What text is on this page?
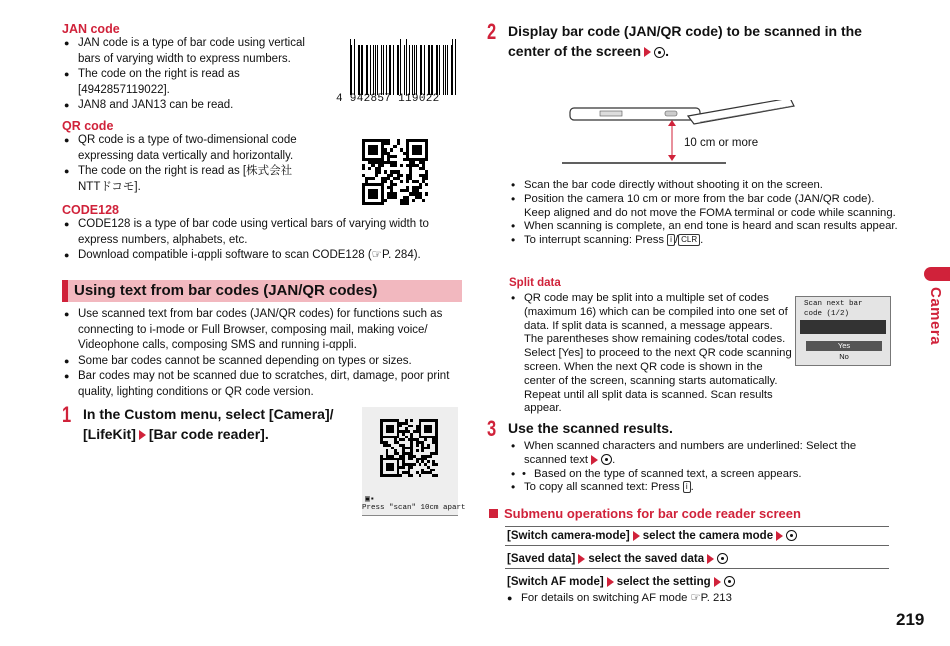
JAN code
● JAN code is a type of bar code using vertical bars of varying width to express numbers.
● The code on the right is read as [4942857119022].
● JAN8 and JAN13 can be read.	4 942857 119022
QR code
● QR code is a type of two-dimensional code expressing data vertically and horizontally.
● The code on the right is read as [株式会社 NTTドコモ].
CODE128
● CODE128 is a type of bar code using vertical bars of varying width to express numbers, alphabets, etc.
● Download compatible i-αppli software to scan CODE128 (☞P. 284).
Using text from bar codes (JAN/QR codes)
● Use scanned text from bar codes (JAN/QR codes) for functions such as connecting to i-mode or Full Browser, composing mail, making voice/ Videophone calls, composing SMS and running i-αppli.
● Some bar codes cannot be scanned depending on types or sizes.
● Bar codes may not be scanned due to scratches, dirt, damage, poor print quality, lighting conditions or QR code version.
1 In the Custom menu, select [Camera]/
[LifeKit] [Bar code reader].
▣▪
Press "scan" 10cm apart
2 Display bar code (JAN/QR code) to be scanned in the
center of the screen .
10 cm or more
• Scan the bar code directly without shooting it on the screen.
• Position the camera 10 cm or more from the bar code (JAN/QR code). Keep aligned and do not move the FOMA terminal or code while scanning.
• When scanning is complete, an end tone is heard and scan results appear.
• To interrupt scanning: Press i / CLR .
Split data
• QR code may be split into a multiple set of codes (maximum 16) which can be compiled into one set of data. If split data is scanned, a message appears. The parentheses show remaining codes/total codes. Select [Yes] to proceed to the next QR code scanning screen. When the next QR code is shown in the center of the screen, scanning starts automatically. Repeat until all split data is scanned. Scan results appear.
Scan next bar
code (1/2)
Yes
No
3 Use the scanned results.
• When scanned characters and numbers are underlined: Select the scanned text .
• • Based on the type of scanned text, a screen appears.
• To copy all scanned text: Press i .
Submenu operations for bar code reader screen
[Switch camera-mode] select the camera mode
[Saved data] select the saved data
[Switch AF mode] select the setting
● For details on switching AF mode ☞P. 213
Camera
219
